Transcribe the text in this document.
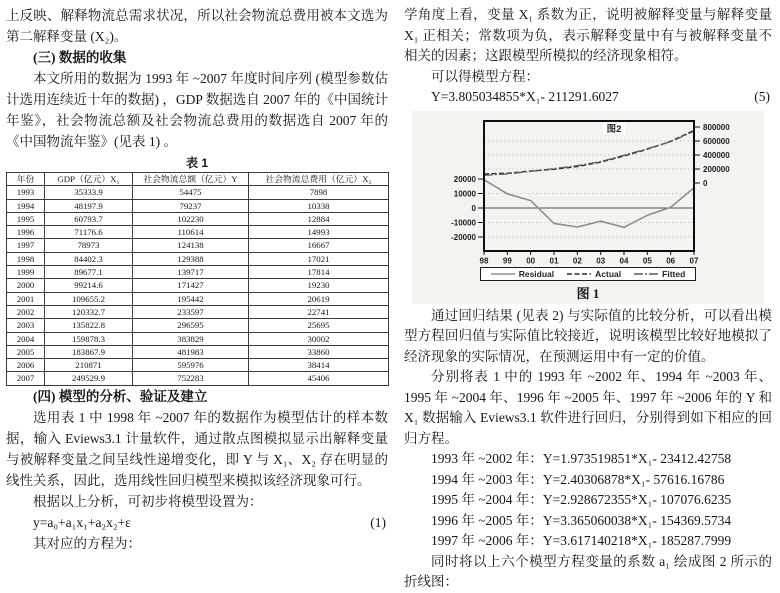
上反映、解释物流总需求状况，所以社会物流总费用被本文选为第二解释变量 (X₂)。

(三) 数据的收集

本文所用的数据为 1993 年 ~2007 年度时间序列 (模型参数估计选用连续近十年的数据) ，GDP 数据选自 2007 年的《中国统计年鉴》，社会物流总额及社会物流总费用的数据选自 2007 年的《中国物流年鉴》(见表 1) 。

表 1
年份	GDP（亿元）X₁	社会物流总额（亿元）Y	社会物流总费用（亿元）X₂
1993	35333.9	54475	7898
1994	48197.9	79237	10338
1995	60793.7	102230	12884
1996	71176.6	110614	14993
1997	78973	124138	16667
1998	84402.3	129388	17021
1999	89677.1	139717	17814
2000	99214.6	171427	19230
2001	109655.2	195442	20619
2002	120332.7	233597	22741
2003	135822.8	296595	25695
2004	159878.3	383829	30002
2005	183867.9	481983	33860
2006	210871	595976	38414
2007	249529.9	752283	45406

(四) 模型的分析、验证及建立

选用表 1 中 1998 年 ~2007 年的数据作为模型估计的样本数据，输入 Eviews3.1 计量软件，通过散点图模拟显示出解释变量与被解释变量之间呈线性递增变化，即 Y 与 X₁、X₂ 存在明显的线性关系，因此，选用线性回归模型来模拟该经济现象可行。

根据以上分析，可初步将模型设置为：

y=a₀+a₁x₁+a₂x₂+ε	(1)

其对应的方程为：

学角度上看，变量 X₁ 系数为正，说明被解释变量与解释变量 X₁ 正相关；常数项为负，表示解释变量中有与被解释变量不相关的因素；这跟模型所模拟的经济现象相符。

可以得模型方程：

Y=3.805034855*X₁- 211291.6027	(5)
20000
10000
0
-10000
-20000
800000
600000
400000
200000
0
98 99 00 01 02 03 04 05 06 07
图2
Residual	Actual	Fitted
图 1

通过回归结果 (见表 2) 与实际值的比较分析，可以看出模型方程回归值与实际值比较接近，说明该模型比较好地模拟了经济现象的实际情况，在预测运用中有一定的价值。

分别将表 1 中的 1993 年 ~2002 年、1994 年 ~2003 年、1995 年 ~2004 年、1996 年 ~2005 年、1997 年 ~2006 年的 Y 和 X₁ 数据输入 Eviews3.1 软件进行回归，分别得到如下相应的回归方程。

1993 年 ~2002 年：Y=1.973519851*X₁- 23412.42758
1994 年 ~2003 年：Y=2.40306878*X₁- 57616.16786
1995 年 ~2004 年：Y=2.928672355*X₁- 107076.6235
1996 年 ~2005 年：Y=3.365060038*X₁- 154369.5734
1997 年 ~2006 年：Y=3.617140218*X₁- 185287.7999

同时将以上六个模型方程变量的系数 a₁ 绘成图 2 所示的折线图：
